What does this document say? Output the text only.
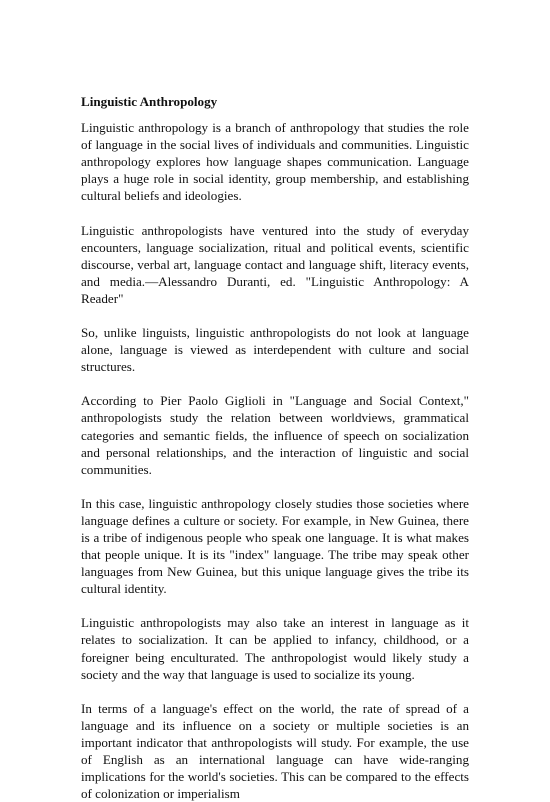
Linguistic Anthropology

Linguistic anthropology is a branch of anthropology that studies the role of language in the social lives of individuals and communities. Linguistic anthropology explores how language shapes communication. Language plays a huge role in social identity, group membership, and establishing cultural beliefs and ideologies.

Linguistic anthropologists have ventured into the study of everyday encounters, language socialization, ritual and political events, scientific discourse, verbal art, language contact and language shift, literacy events, and media.—Alessandro Duranti, ed. "Linguistic Anthropology: A Reader"

So, unlike linguists, linguistic anthropologists do not look at language alone, language is viewed as interdependent with culture and social structures.

According to Pier Paolo Giglioli in "Language and Social Context," anthropologists study the relation between worldviews, grammatical categories and semantic fields, the influence of speech on socialization and personal relationships, and the interaction of linguistic and social communities.

In this case, linguistic anthropology closely studies those societies where language defines a culture or society. For example, in New Guinea, there is a tribe of indigenous people who speak one language. It is what makes that people unique. It is its "index" language. The tribe may speak other languages from New Guinea, but this unique language gives the tribe its cultural identity.

Linguistic anthropologists may also take an interest in language as it relates to socialization. It can be applied to infancy, childhood, or a foreigner being enculturated. The anthropologist would likely study a society and the way that language is used to socialize its young.

In terms of a language's effect on the world, the rate of spread of a language and its influence on a society or multiple societies is an important indicator that anthropologists will study. For example, the use of English as an international language can have wide-ranging implications for the world's societies. This can be compared to the effects of colonization or imperialism
